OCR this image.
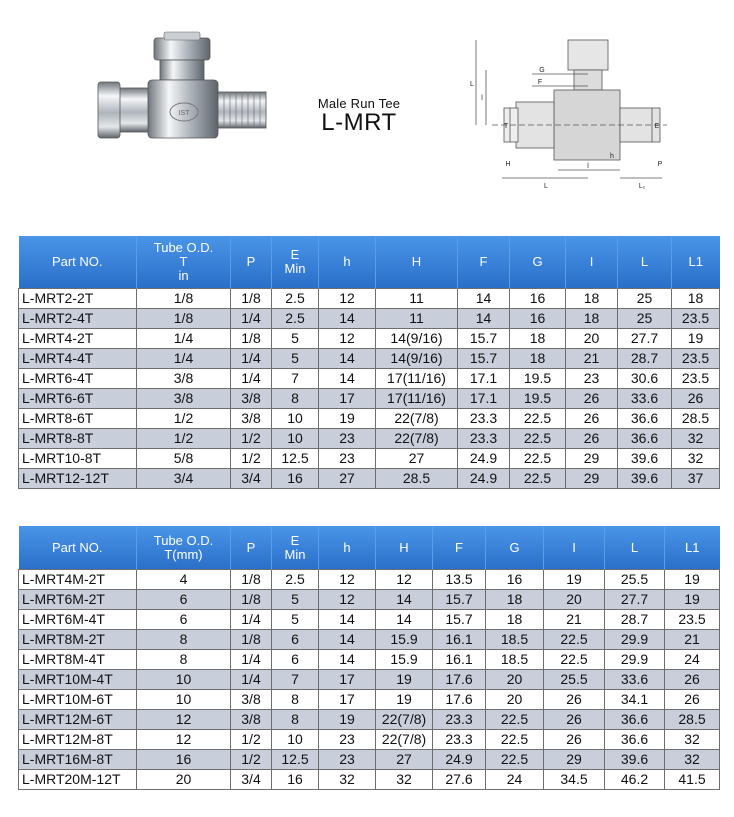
IST
Male Run Tee
L-MRT
L
l
G
F
E
T
h
H	P
l
L	L₁
Part NO.	Tube O.D.
T
in	P	E
Min	h	H	F	G	I	L	L1
L-MRT2-2T	1/8	1/8	2.5	12	11	14	16	18	25	18
L-MRT2-4T	1/8	1/4	2.5	14	11	14	16	18	25	23.5
L-MRT4-2T	1/4	1/8	5	12	14(9/16)	15.7	18	20	27.7	19
L-MRT4-4T	1/4	1/4	5	14	14(9/16)	15.7	18	21	28.7	23.5
L-MRT6-4T	3/8	1/4	7	14	17(11/16)	17.1	19.5	23	30.6	23.5
L-MRT6-6T	3/8	3/8	8	17	17(11/16)	17.1	19.5	26	33.6	26
L-MRT8-6T	1/2	3/8	10	19	22(7/8)	23.3	22.5	26	36.6	28.5
L-MRT8-8T	1/2	1/2	10	23	22(7/8)	23.3	22.5	26	36.6	32
L-MRT10-8T	5/8	1/2	12.5	23	27	24.9	22.5	29	39.6	32
L-MRT12-12T	3/4	3/4	16	27	28.5	24.9	22.5	29	39.6	37
Part NO.	Tube O.D.
T(mm)	P	E
Min	h	H	F	G	I	L	L1
L-MRT4M-2T	4	1/8	2.5	12	12	13.5	16	19	25.5	19
L-MRT6M-2T	6	1/8	5	12	14	15.7	18	20	27.7	19
L-MRT6M-4T	6	1/4	5	14	14	15.7	18	21	28.7	23.5
L-MRT8M-2T	8	1/8	6	14	15.9	16.1	18.5	22.5	29.9	21
L-MRT8M-4T	8	1/4	6	14	15.9	16.1	18.5	22.5	29.9	24
L-MRT10M-4T	10	1/4	7	17	19	17.6	20	25.5	33.6	26
L-MRT10M-6T	10	3/8	8	17	19	17.6	20	26	34.1	26
L-MRT12M-6T	12	3/8	8	19	22(7/8)	23.3	22.5	26	36.6	28.5
L-MRT12M-8T	12	1/2	10	23	22(7/8)	23.3	22.5	26	36.6	32
L-MRT16M-8T	16	1/2	12.5	23	27	24.9	22.5	29	39.6	32
L-MRT20M-12T	20	3/4	16	32	32	27.6	24	34.5	46.2	41.5
